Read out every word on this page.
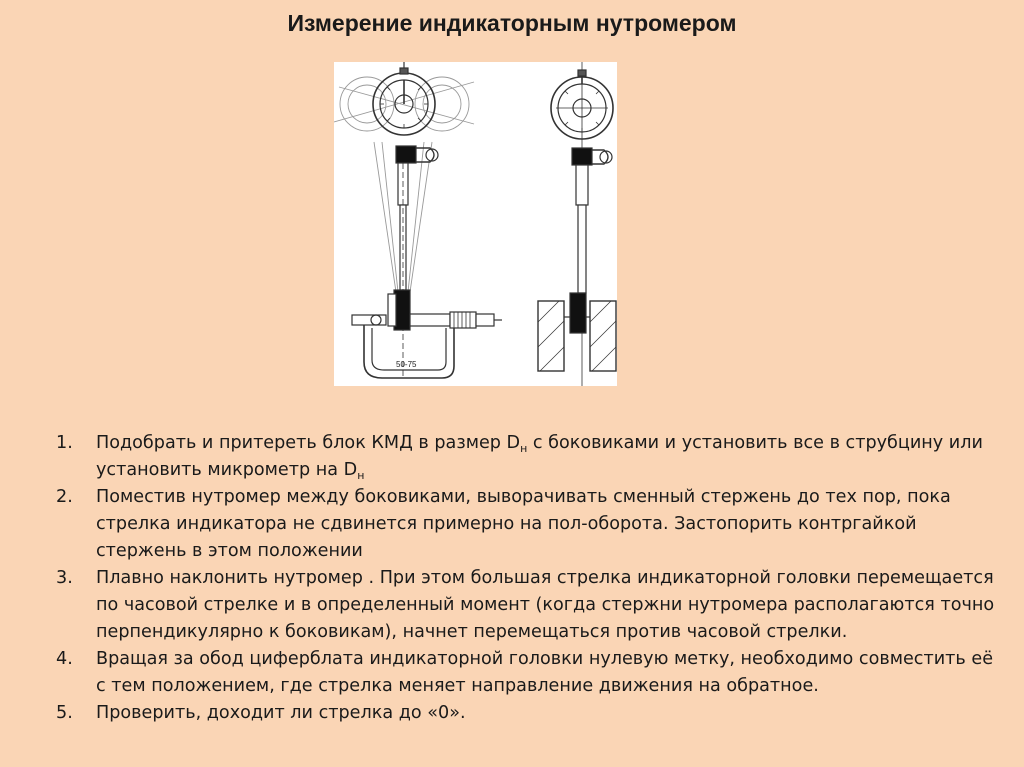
Измерение индикаторным нутромером
50-75
1. Подобрать и притереть блок КМД в размер $D_н$ с боковиками и установить все в струбцину или установить микрометр на $D_н$
2. Поместив нутромер между боковиками, выворачивать сменный стержень до тех пор, пока стрелка индикатора не сдвинется примерно на пол-оборота. Застопорить контргайкой стержень в этом положении
3. Плавно наклонить нутромер . При этом большая стрелка индикаторной головки перемещается по часовой стрелке и в определенный момент (когда стержни нутромера располагаются точно перпендикулярно к боковикам), начнет перемещаться против часовой стрелки.
4. Вращая за обод циферблата индикаторной головки нулевую метку, необходимо совместить её с тем положением, где стрелка меняет направление движения на обратное.
5. Проверить, доходит ли стрелка до «0».
